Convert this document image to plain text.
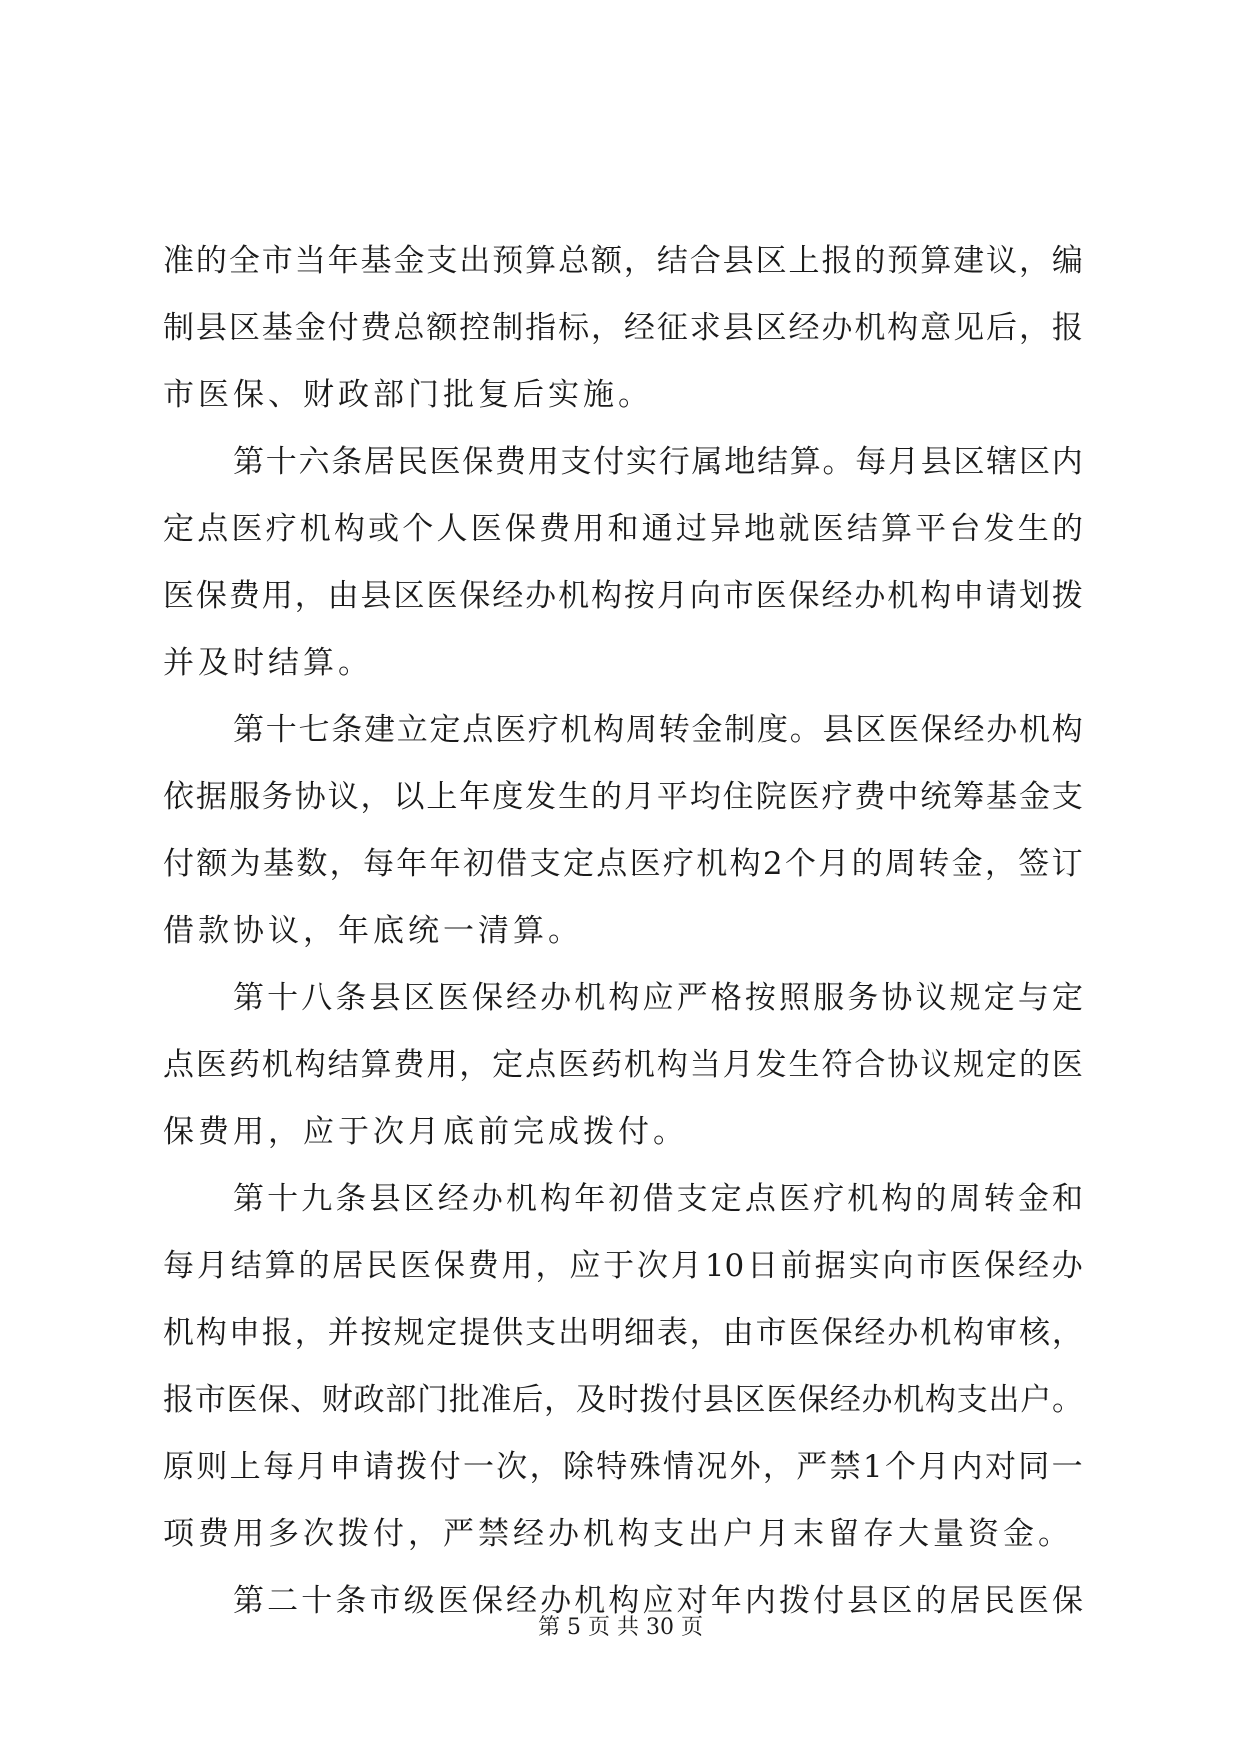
准 的 全 市 当 年 基 金 支 出 预 算 总 额 ， 结 合 县 区 上 报 的 预 算 建 议 ， 编
制 县 区 基 金 付 费 总 额 控 制 指 标 ， 经 征 求 县 区 经 办 机 构 意 见 后 ， 报
市医保、财政部门批复后实施。
第 十 六 条 居 民 医 保 费 用 支 付 实 行 属 地 结 算 。 每 月 县 区 辖 区 内
定 点 医 疗 机 构 或 个 人 医 保 费 用 和 通 过 异 地 就 医 结 算 平 台 发 生 的
医 保 费 用 ， 由 县 区 医 保 经 办 机 构 按 月 向 市 医 保 经 办 机 构 申 请 划 拨
并及时结算。
第 十 七 条 建 立 定 点 医 疗 机 构 周 转 金 制 度 。 县 区 医 保 经 办 机 构
依 据 服 务 协 议 ， 以 上 年 度 发 生 的 月 平 均 住 院 医 疗 费 中 统 筹 基 金 支
付 额 为 基 数 ， 每 年 年 初 借 支 定 点 医 疗 机 构 2 个 月 的 周 转 金 ， 签 订
借款协议，年底统一清算。
第 十 八 条 县 区 医 保 经 办 机 构 应 严 格 按 照 服 务 协 议 规 定 与 定
点 医 药 机 构 结 算 费 用 ， 定 点 医 药 机 构 当 月 发 生 符 合 协 议 规 定 的 医
保费用，应于次月底前完成拨付。
第 十 九 条 县 区 经 办 机 构 年 初 借 支 定 点 医 疗 机 构 的 周 转 金 和
每 月 结 算 的 居 民 医 保 费 用 ， 应 于 次 月 10 日 前 据 实 向 市 医 保 经 办
机 构 申 报 ， 并 按 规 定 提 供 支 出 明 细 表 ， 由 市 医 保 经 办 机 构 审 核 ，
报 市 医 保 、 财 政 部 门 批 准 后 ， 及 时 拨 付 县 区 医 保 经 办 机 构 支 出 户 。
原 则 上 每 月 申 请 拨 付 一 次 ， 除 特 殊 情 况 外 ， 严 禁 1 个 月 内 对 同 一
项费用多次拨付，严禁经办机构支出户月末留存大量资金。
第 二 十 条 市 级 医 保 经 办 机 构 应 对 年 内 拨 付 县 区 的 居 民 医 保
第 5 页 共 30 页
